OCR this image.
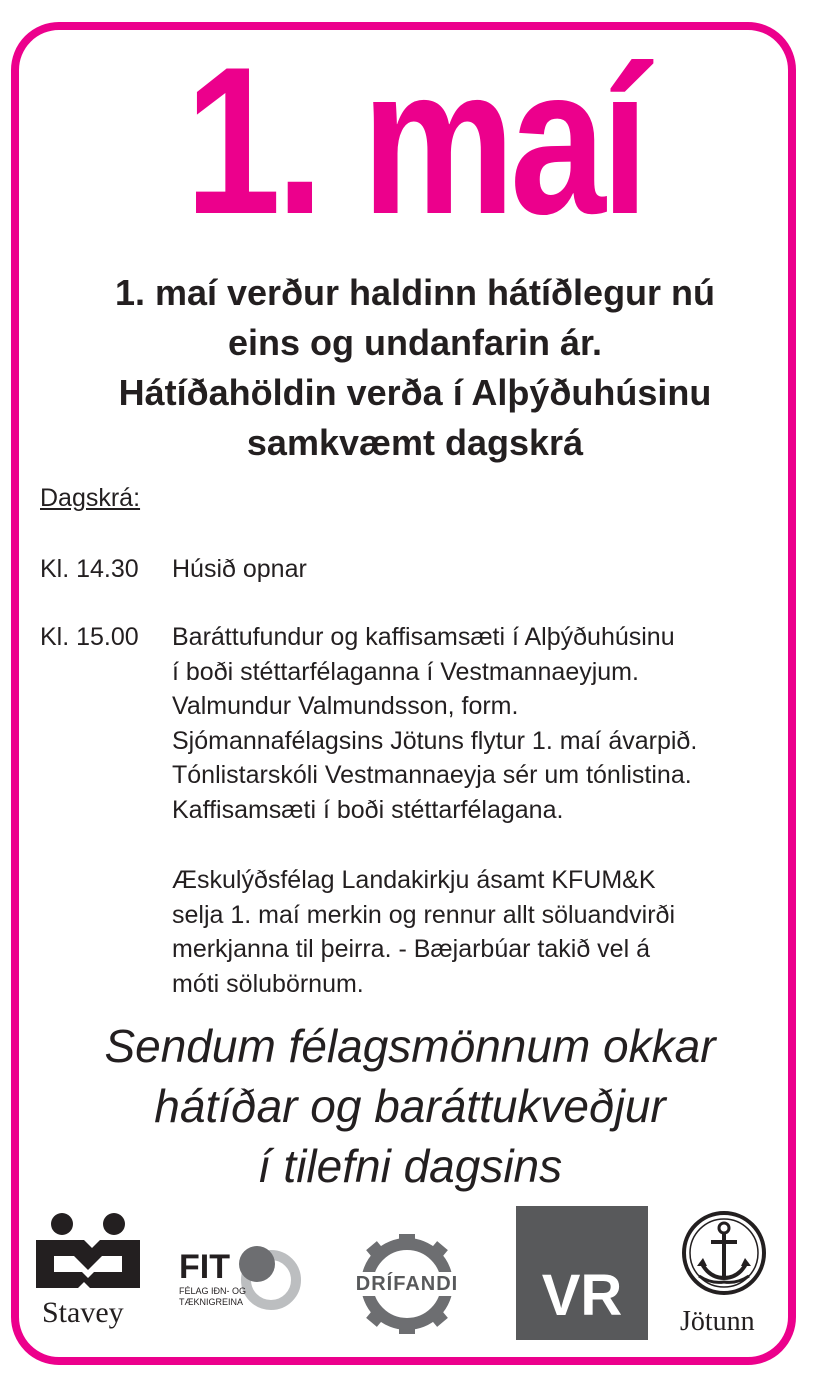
1. maí
1. maí verður haldinn hátíðlegur nú
eins og undanfarin ár.
Hátíðahöldin verða í Alþýðuhúsinu
samkvæmt dagskrá
Dagskrá:
Kl. 14.30 Húsið opnar
Kl. 15.00 Baráttufundur og kaffisamsæti í Alþýðuhúsinu
í boði stéttarfélaganna í Vestmannaeyjum.
Valmundur Valmundsson, form.
Sjómannafélagsins Jötuns flytur 1. maí ávarpið.
Tónlistarskóli Vestmannaeyja sér um tónlistina.
Kaffisamsæti í boði stéttarfélagana.
Æskulýðsfélag Landakirkju ásamt KFUM&K
selja 1. maí merkin og rennur allt söluandvirði
merkjanna til þeirra. - Bæjarbúar takið vel á
móti sölubörnum.
Sendum félagsmönnum okkar
hátíðar og baráttukveðjur
í tilefni dagsins
Stavey
FIT
FÉLAG IÐN- OG
TÆKNIGREINA
DRÍFANDI	VR	Jötunn
